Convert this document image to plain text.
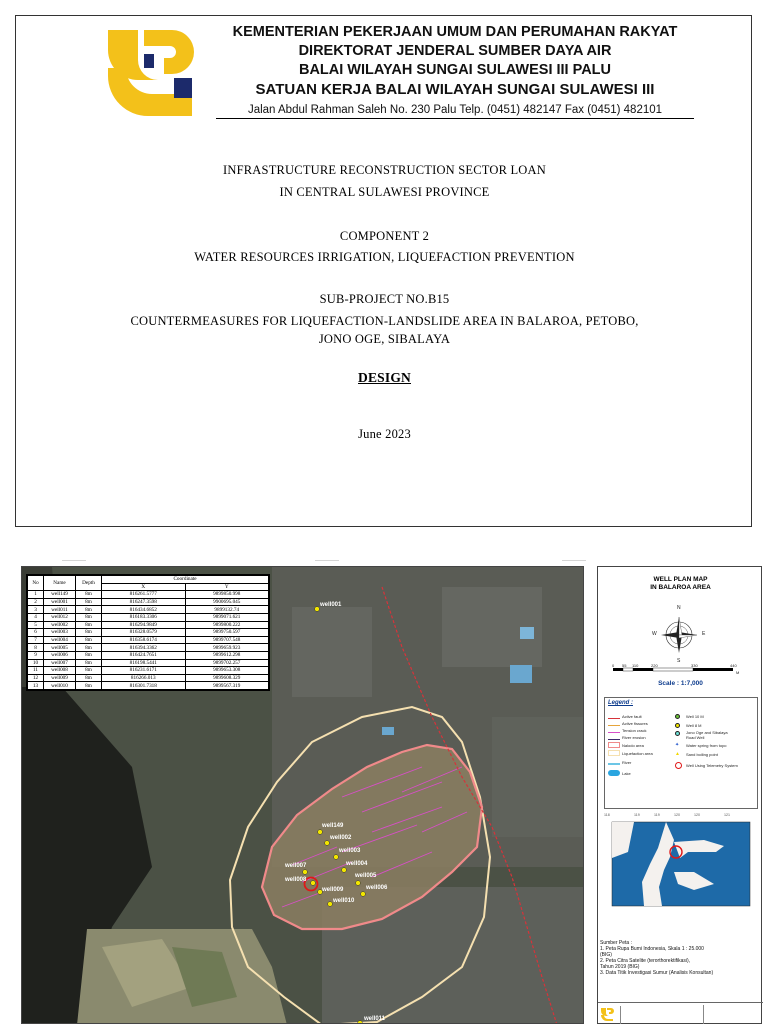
KEMENTERIAN PEKERJAAN UMUM DAN PERUMAHAN RAKYAT
DIREKTORAT JENDERAL SUMBER DAYA AIR
BALAI WILAYAH SUNGAI SULAWESI III PALU
SATUAN KERJA BALAI WILAYAH SUNGAI SULAWESI III
Jalan Abdul Rahman Saleh No. 230 Palu Telp. (0451) 482147 Fax (0451) 482101
INFRASTRUCTURE RECONSTRUCTION SECTOR LOAN
IN CENTRAL SULAWESI PROVINCE
COMPONENT 2
WATER RESOURCES IRRIGATION, LIQUEFACTION PREVENTION
SUB-PROJECT NO.B15
COUNTERMEASURES FOR LIQUEFACTION-LANDSLIDE AREA IN BALAROA, PETOBO,
JONO OGE, SIBALAYA
DESIGN
June 2023
——————	——————	——————
well001
well149
well002
well003
well004
well005
well006
well007
well008
well009
well010
well011
No	Name	Depth	Coordinate	
			X	Y
1	well149	8m	816261.5777	9899850.998
2	well001	8m	816247.3598	9900695.045
3	well011	8m	816434.6852	9899132.74
4	well012	8m	816183.3306	9899071.621
5	well002	8m	816294.9849	9899800.222
6	well003	8m	816328.0579	9899750.597
7	well004	8m	816358.6174	9899707.548
8	well005	8m	816394.3362	9899659.923
9	well006	8m	816424.7651	9899612.298
10	well007	8m	816198.5441	9899702.257
11	well008	8m	816231.6171	9899653.308
12	well009	8m	816266.013	9899608.329
13	well010	8m	816301.7318	9899567.319
WELL PLAN MAP
IN BALAROA AREA
N
E
S
W
0 55 110	220	330	440
M
Scale : 1:7,000
Legend :
Active fault
Active fissures
Tension crack
River erosion
Nalodo area
Liquefaction area
River
Lake
Well 10 M
Well 8 M
Jono Oge and Sibalaya Road Well
✦ Water spring from topo
▲ Sand boiling point
Well Using Telemetry System
118	119	119	120	120	121
Sumber Peta :
1. Peta Rupa Bumi Indonesia, Skala 1 : 25.000
(BIG)
2. Peta Citra Satelite (terorthorektifikasi),
Tahun 2019 (BIG)
3. Data Titik Investigasi Sumur (Analisis Konsultan)
